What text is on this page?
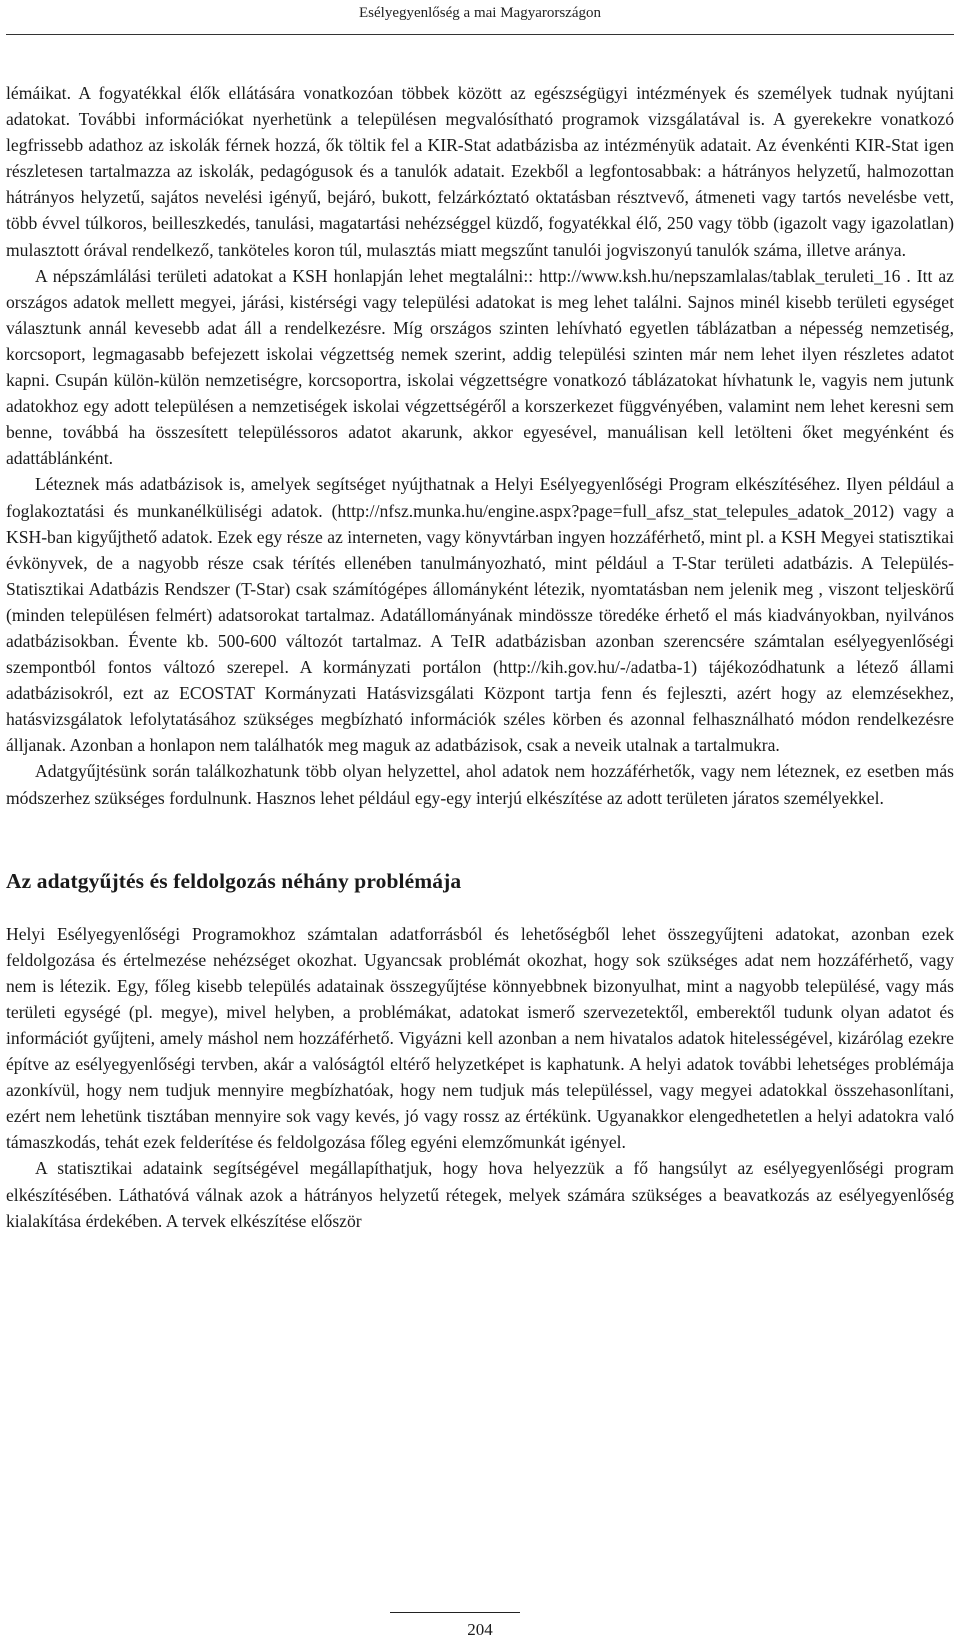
Esélyegyenlőség a mai Magyarországon

lémáikat. A fogyatékkal élők ellátására vonatkozóan többek között az egészségügyi intézmények és személyek tudnak nyújtani adatokat. További információkat nyerhetünk a településen megvalósítható programok vizsgálatával is. A gyerekekre vonatkozó legfrissebb adathoz az iskolák férnek hozzá, ők töltik fel a KIR-Stat adatbázisba az intézményük adatait. Az évenkénti KIR-Stat igen részletesen tartalmazza az iskolák, pedagógusok és a tanulók adatait. Ezekből a legfontosabbak: a hátrányos helyzetű, halmozottan hátrányos helyzetű, sajátos nevelési igényű, bejáró, bukott, felzárkóztató oktatásban résztvevő, átmeneti vagy tartós nevelésbe vett, több évvel túlkoros, beilleszkedés, tanulási, magatartási nehézséggel küzdő, fogyatékkal élő, 250 vagy több (igazolt vagy igazolatlan) mulasztott órával rendelkező, tanköteles koron túl, mulasztás miatt megszűnt tanulói jogviszonyú tanulók száma, illetve aránya.

A népszámlálási területi adatokat a KSH honlapján lehet megtalálni:: http://www.ksh.hu/nepszamlalas/tablak_teruleti_16 . Itt az országos adatok mellett megyei, járási, kistérségi vagy települési adatokat is meg lehet találni. Sajnos minél kisebb területi egységet választunk annál kevesebb adat áll a rendelkezésre. Míg országos szinten lehívható egyetlen táblázatban a népesség nemzetiség, korcsoport, legmagasabb befejezett iskolai végzettség nemek szerint, addig települési szinten már nem lehet ilyen részletes adatot kapni. Csupán külön-külön nemzetiségre, korcsoportra, iskolai végzettségre vonatkozó táblázatokat hívhatunk le, vagyis nem jutunk adatokhoz egy adott településen a nemzetiségek iskolai végzettségéről a korszerkezet függvényében, valamint nem lehet keresni sem benne, továbbá ha összesített településsoros adatot akarunk, akkor egyesével, manuálisan kell letölteni őket megyénként és adattáblánként.

Léteznek más adatbázisok is, amelyek segítséget nyújthatnak a Helyi Esélyegyenlőségi Program elkészítéséhez. Ilyen például a foglakoztatási és munkanélküliségi adatok. (http://nfsz.munka.hu/engine.aspx?page=full_afsz_stat_telepules_adatok_2012) vagy a KSH-ban kigyűjthető adatok. Ezek egy része az interneten, vagy könyvtárban ingyen hozzáférhető, mint pl. a KSH Megyei statisztikai évkönyvek, de a nagyobb része csak térítés ellenében tanulmányozható, mint például a T-Star területi adatbázis. A Település-Statisztikai Adatbázis Rendszer (T-Star) csak számítógépes állományként létezik, nyomtatásban nem jelenik meg , viszont teljeskörű (minden településen felmért) adatsorokat tartalmaz. Adatállományának mindössze töredéke érhető el más kiadványokban, nyilvános adatbázisokban. Évente kb. 500-600 változót tartalmaz. A TeIR adatbázisban azonban szerencsére számtalan esélyegyenlőségi szempontból fontos változó szerepel. A kormányzati portálon (http://kih.gov.hu/-/adatba-1) tájékozódhatunk a létező állami adatbázisokról, ezt az ECOSTAT Kormányzati Hatásvizsgálati Központ tartja fenn és fejleszti, azért hogy az elemzésekhez, hatásvizsgálatok lefolytatásához szükséges megbízható információk széles körben és azonnal felhasználható módon rendelkezésre álljanak. Azonban a honlapon nem találhatók meg maguk az adatbázisok, csak a neveik utalnak a tartalmukra.

Adatgyűjtésünk során találkozhatunk több olyan helyzettel, ahol adatok nem hozzáférhetők, vagy nem léteznek, ez esetben más módszerhez szükséges fordulnunk. Hasznos lehet például egy-egy interjú elkészítése az adott területen járatos személyekkel.

Az adatgyűjtés és feldolgozás néhány problémája

Helyi Esélyegyenlőségi Programokhoz számtalan adatforrásból és lehetőségből lehet összegyűjteni adatokat, azonban ezek feldolgozása és értelmezése nehézséget okozhat. Ugyancsak problémát okozhat, hogy sok szükséges adat nem hozzáférhető, vagy nem is létezik. Egy, főleg kisebb település adatainak összegyűjtése könnyebbnek bizonyulhat, mint a nagyobb településé, vagy más területi egységé (pl. megye), mivel helyben, a problémákat, adatokat ismerő szervezetektől, emberektől tudunk olyan adatot és információt gyűjteni, amely máshol nem hozzáférhető. Vigyázni kell azonban a nem hivatalos adatok hitelességével, kizárólag ezekre építve az esélyegyenlőségi tervben, akár a valóságtól eltérő helyzetképet is kaphatunk. A helyi adatok további lehetséges problémája azonkívül, hogy nem tudjuk mennyire megbízhatóak, hogy nem tudjuk más településsel, vagy megyei adatokkal összehasonlítani, ezért nem lehetünk tisztában mennyire sok vagy kevés, jó vagy rossz az értékünk. Ugyanakkor elengedhetetlen a helyi adatokra való támaszkodás, tehát ezek felderítése és feldolgozása főleg egyéni elemzőmunkát igényel.

A statisztikai adataink segítségével megállapíthatjuk, hogy hova helyezzük a fő hangsúlyt az esélyegyenlőségi program elkészítésében. Láthatóvá válnak azok a hátrányos helyzetű rétegek, melyek számára szükséges a beavatkozás az esélyegyenlőség kialakítása érdekében. A tervek elkészítése először

204
